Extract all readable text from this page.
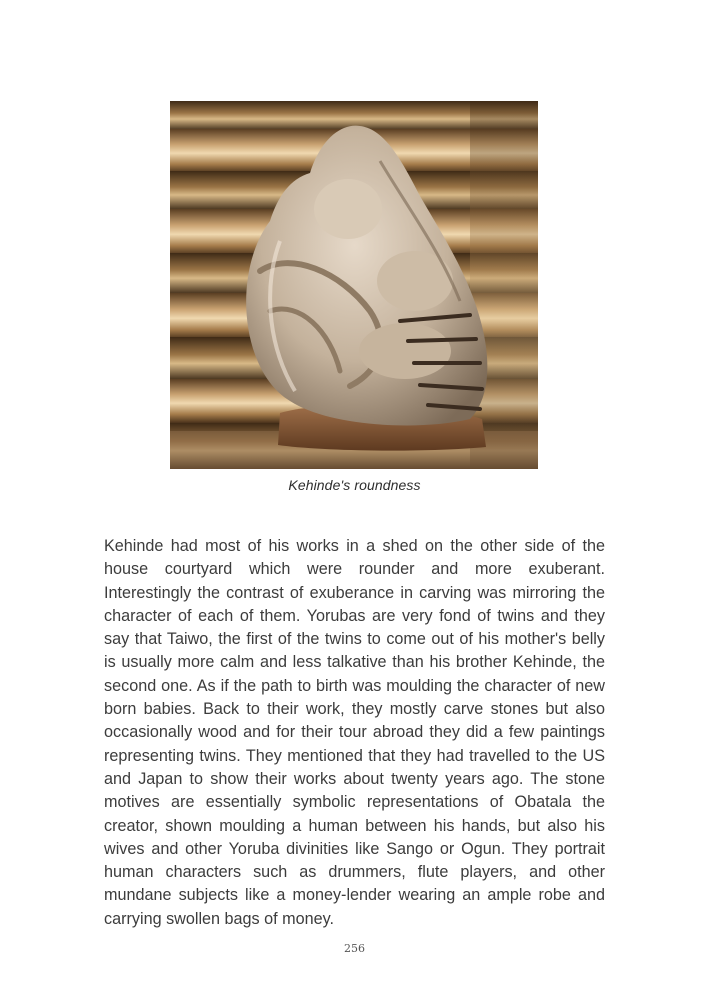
Kehinde's roundness

Kehinde had most of his works in a shed on the other side of the house courtyard which were rounder and more exuberant. Interestingly the contrast of exuberance in carving was mirroring the character of each of them. Yorubas are very fond of twins and they say that Taiwo, the first of the twins to come out of his mother's belly is usually more calm and less talkative than his brother Kehinde, the second one. As if the path to birth was moulding the character of new born babies. Back to their work, they mostly carve stones but also occasionally wood and for their tour abroad they did a few paintings representing twins. They mentioned that they had travelled to the US and Japan to show their works about twenty years ago. The stone motives are essentially symbolic representations of Obatala the creator, shown moulding a human between his hands, but also his wives and other Yoruba divinities like Sango or Ogun. They portrait human characters such as drummers, flute players, and other mundane subjects like a money-lender wearing an ample robe and carrying swollen bags of money.

256
